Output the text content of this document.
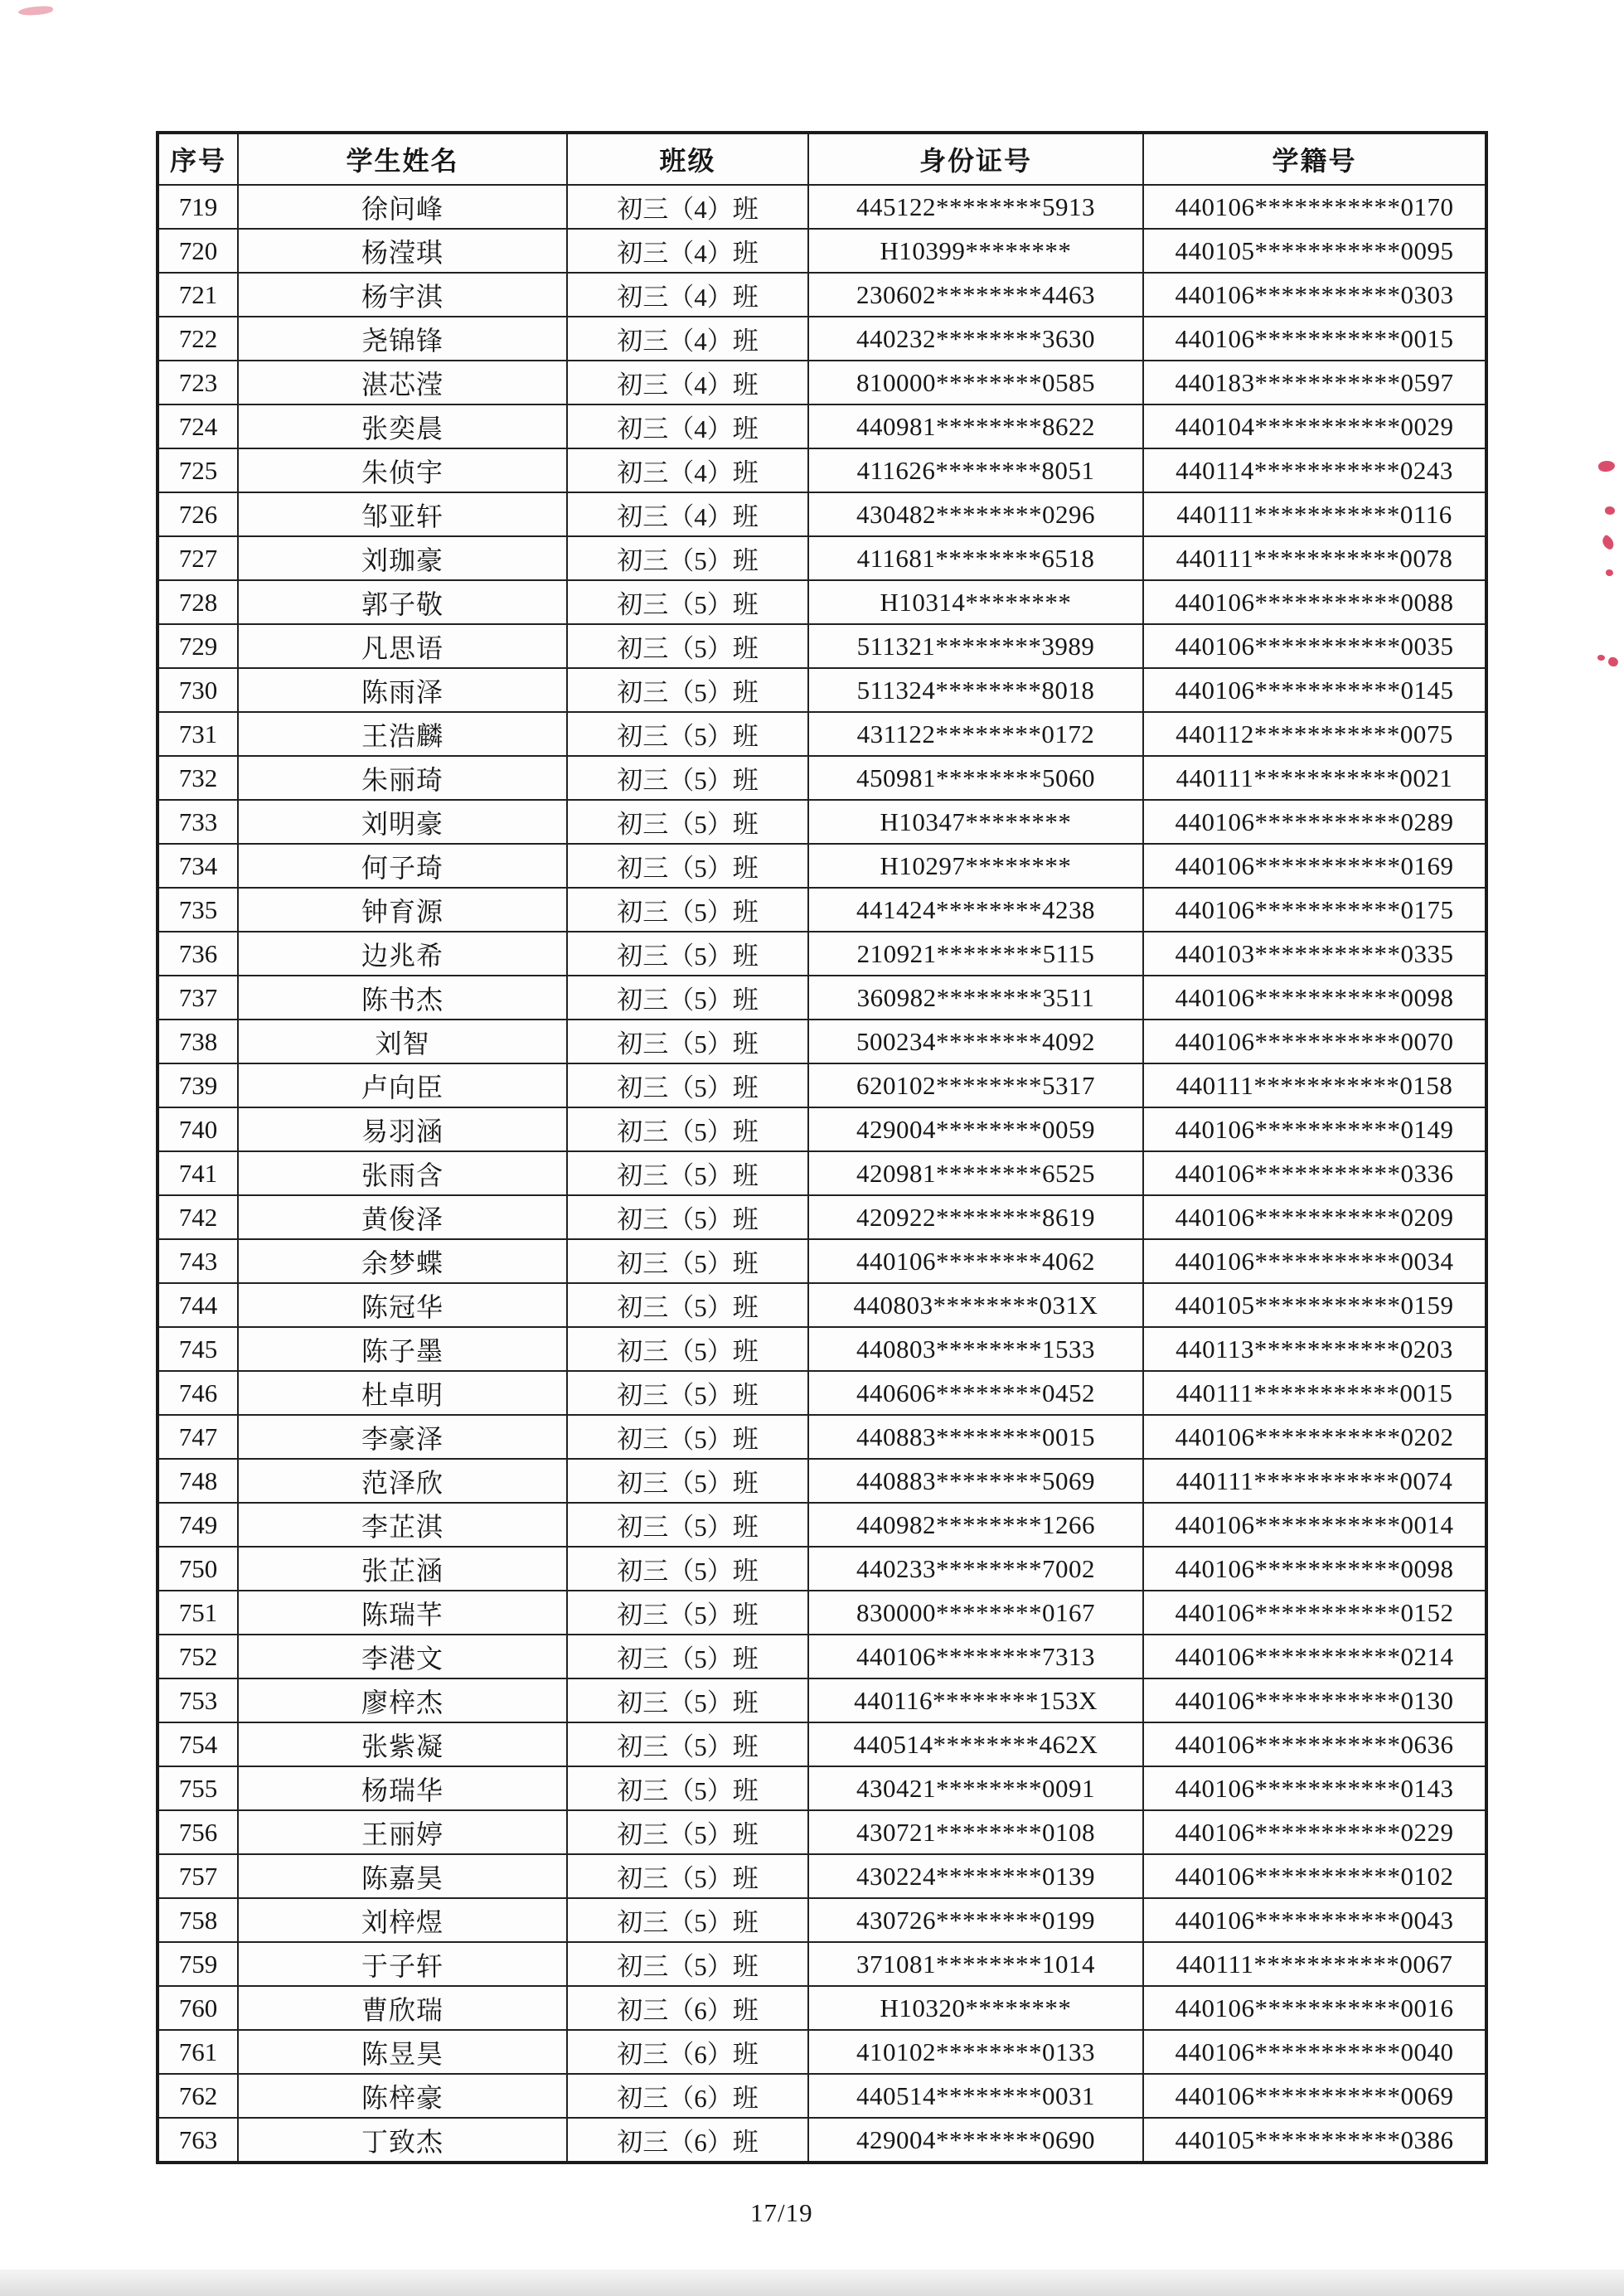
序号	学生姓名	班级	身份证号	学籍号
719	徐问峰	初三（4）班	445122********5913	440106***********0170
720	杨滢琪	初三（4）班	H10399********	440105***********0095
721	杨宇淇	初三（4）班	230602********4463	440106***********0303
722	尧锦锋	初三（4）班	440232********3630	440106***********0015
723	湛芯滢	初三（4）班	810000********0585	440183***********0597
724	张奕晨	初三（4）班	440981********8622	440104***********0029
725	朱侦宇	初三（4）班	411626********8051	440114***********0243
726	邹亚轩	初三（4）班	430482********0296	440111***********0116
727	刘珈豪	初三（5）班	411681********6518	440111***********0078
728	郭子敬	初三（5）班	H10314********	440106***********0088
729	凡思语	初三（5）班	511321********3989	440106***********0035
730	陈雨泽	初三（5）班	511324********8018	440106***********0145
731	王浩麟	初三（5）班	431122********0172	440112***********0075
732	朱丽琦	初三（5）班	450981********5060	440111***********0021
733	刘明豪	初三（5）班	H10347********	440106***********0289
734	何子琦	初三（5）班	H10297********	440106***********0169
735	钟育源	初三（5）班	441424********4238	440106***********0175
736	边兆希	初三（5）班	210921********5115	440103***********0335
737	陈书杰	初三（5）班	360982********3511	440106***********0098
738	刘智	初三（5）班	500234********4092	440106***********0070
739	卢向臣	初三（5）班	620102********5317	440111***********0158
740	易羽涵	初三（5）班	429004********0059	440106***********0149
741	张雨含	初三（5）班	420981********6525	440106***********0336
742	黄俊泽	初三（5）班	420922********8619	440106***********0209
743	余梦蝶	初三（5）班	440106********4062	440106***********0034
744	陈冠华	初三（5）班	440803********031X	440105***********0159
745	陈子墨	初三（5）班	440803********1533	440113***********0203
746	杜卓明	初三（5）班	440606********0452	440111***********0015
747	李豪泽	初三（5）班	440883********0015	440106***********0202
748	范泽欣	初三（5）班	440883********5069	440111***********0074
749	李芷淇	初三（5）班	440982********1266	440106***********0014
750	张芷涵	初三（5）班	440233********7002	440106***********0098
751	陈瑞芊	初三（5）班	830000********0167	440106***********0152
752	李港文	初三（5）班	440106********7313	440106***********0214
753	廖梓杰	初三（5）班	440116********153X	440106***********0130
754	张紫凝	初三（5）班	440514********462X	440106***********0636
755	杨瑞华	初三（5）班	430421********0091	440106***********0143
756	王丽婷	初三（5）班	430721********0108	440106***********0229
757	陈嘉昊	初三（5）班	430224********0139	440106***********0102
758	刘梓煜	初三（5）班	430726********0199	440106***********0043
759	于子轩	初三（5）班	371081********1014	440111***********0067
760	曹欣瑞	初三（6）班	H10320********	440106***********0016
761	陈昱昊	初三（6）班	410102********0133	440106***********0040
762	陈梓豪	初三（6）班	440514********0031	440106***********0069
763	丁致杰	初三（6）班	429004********0690	440105***********0386
17/19
